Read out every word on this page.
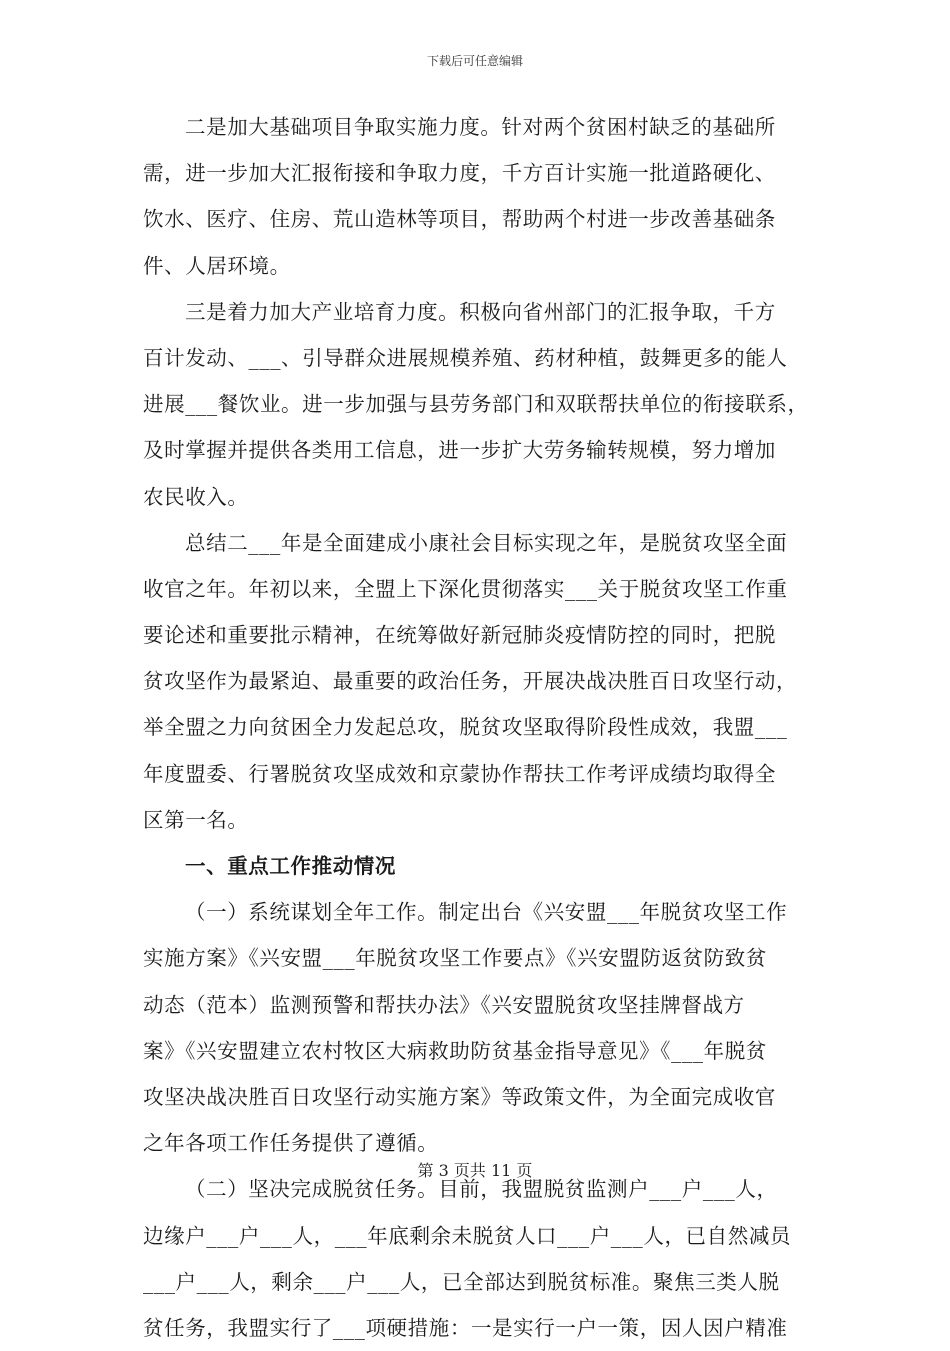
下载后可任意编辑
二是加大基础项目争取实施力度。针对两个贫困村缺乏的基础所
需，进一步加大汇报衔接和争取力度，千方百计实施一批道路硬化、
饮水、医疗、住房、荒山造林等项目，帮助两个村进一步改善基础条
件、人居环境。
三是着力加大产业培育力度。积极向省州部门的汇报争取，千方
百计发动、___、引导群众进展规模养殖、药材种植，鼓舞更多的能人
进展___餐饮业。进一步加强与县劳务部门和双联帮扶单位的衔接联系，
及时掌握并提供各类用工信息，进一步扩大劳务输转规模，努力增加
农民收入。
总结二___年是全面建成小康社会目标实现之年，是脱贫攻坚全面
收官之年。年初以来，全盟上下深化贯彻落实___关于脱贫攻坚工作重
要论述和重要批示精神，在统筹做好新冠肺炎疫情防控的同时，把脱
贫攻坚作为最紧迫、最重要的政治任务，开展决战决胜百日攻坚行动，
举全盟之力向贫困全力发起总攻，脱贫攻坚取得阶段性成效，我盟___
年度盟委、行署脱贫攻坚成效和京蒙协作帮扶工作考评成绩均取得全
区第一名。
一、重点工作推动情况
（一）系统谋划全年工作。制定出台《兴安盟___年脱贫攻坚工作
实施方案》《兴安盟___年脱贫攻坚工作要点》《兴安盟防返贫防致贫
动态（范本）监测预警和帮扶办法》《兴安盟脱贫攻坚挂牌督战方
案》《兴安盟建立农村牧区大病救助防贫基金指导意见》《___年脱贫
攻坚决战决胜百日攻坚行动实施方案》等政策文件，为全面完成收官
之年各项工作任务提供了遵循。
（二）坚决完成脱贫任务。目前，我盟脱贫监测户___户___人，
边缘户___户___人，___年底剩余未脱贫人口___户___人，已自然减员
___户___人，剩余___户___人，已全部达到脱贫标准。聚焦三类人脱
贫任务，我盟实行了___项硬措施：一是实行一户一策，因人因户精准
第 3 页共 11 页
